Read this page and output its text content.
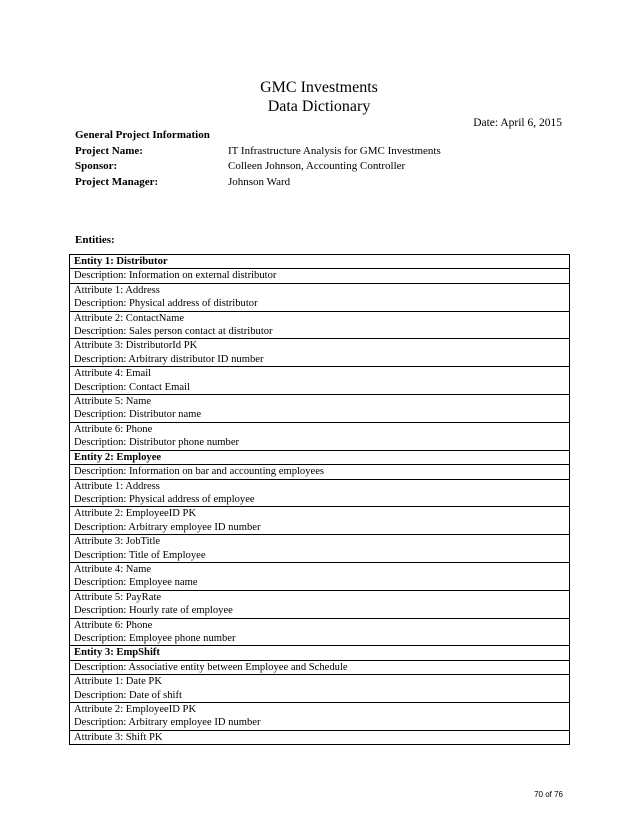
GMC Investments
Data Dictionary
Date: April 6, 2015
General Project Information
Project Name:	IT Infrastructure Analysis for GMC Investments
Sponsor:	Colleen Johnson, Accounting Controller
Project Manager:	Johnson Ward
Entities:
Entity 1: Distributor
Description: Information on external distributor
Attribute 1: Address
Description: Physical address of distributor
Attribute 2: ContactName
Description: Sales person contact at distributor
Attribute 3: DistributorId PK
Description: Arbitrary distributor ID number
Attribute 4: Email
Description: Contact Email
Attribute 5: Name
Description: Distributor name
Attribute 6: Phone
Description: Distributor phone number
Entity 2: Employee
Description: Information on bar and accounting employees
Attribute 1: Address
Description: Physical address of employee
Attribute 2: EmployeeID PK
Description: Arbitrary employee ID number
Attribute 3: JobTitle
Description: Title of Employee
Attribute 4: Name
Description: Employee name
Attribute 5: PayRate
Description: Hourly rate of employee
Attribute 6: Phone
Description: Employee phone number
Entity 3: EmpShift
Description: Associative entity between Employee and Schedule
Attribute 1: Date PK
Description: Date of shift
Attribute 2: EmployeeID PK
Description: Arbitrary employee ID number
Attribute 3: Shift PK
70 of 76
